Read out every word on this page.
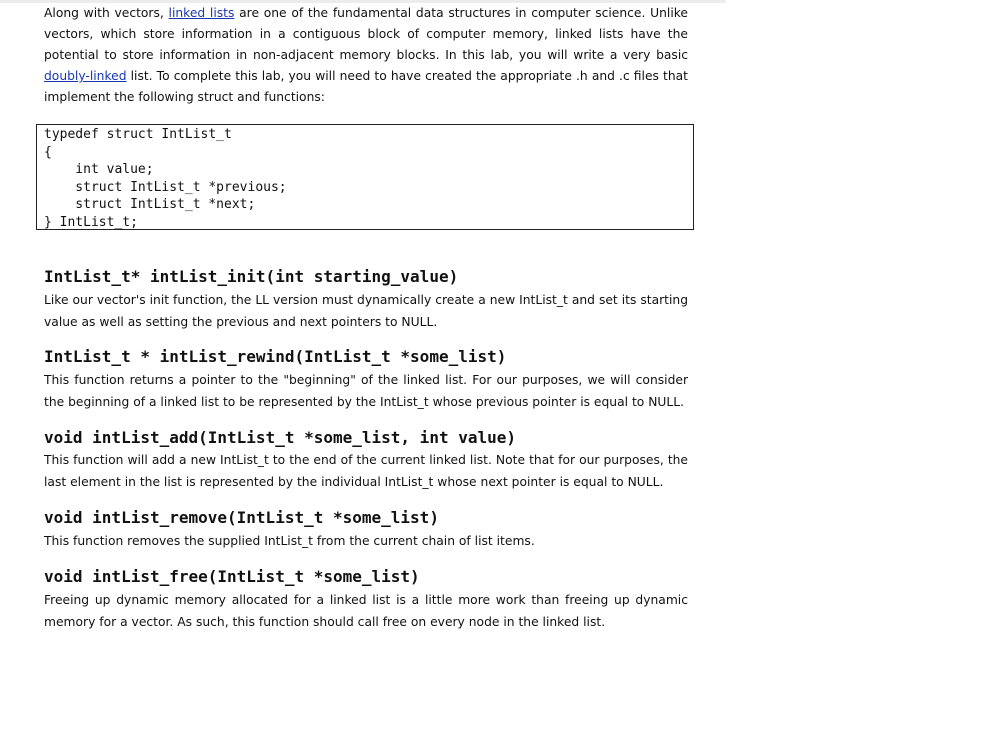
Along with vectors, linked lists are one of the fundamental data structures in computer science. Unlike vectors, which store information in a contiguous block of computer memory, linked lists have the potential to store information in non-adjacent memory blocks. In this lab, you will write a very basic doubly-linked list. To complete this lab, you will need to have created the appropriate .h and .c files that implement the following struct and functions:

typedef struct IntList_t
{
int value;
struct IntList_t *previous;
struct IntList_t *next;
} IntList_t;
IntList_t* intList_init(int starting_value)

Like our vector's init function, the LL version must dynamically create a new IntList_t and set its starting value as well as setting the previous and next pointers to NULL.

IntList_t * intList_rewind(IntList_t *some_list)

This function returns a pointer to the "beginning" of the linked list. For our purposes, we will consider the beginning of a linked list to be represented by the IntList_t whose previous pointer is equal to NULL.

void intList_add(IntList_t *some_list, int value)

This function will add a new IntList_t to the end of the current linked list. Note that for our purposes, the last element in the list is represented by the individual IntList_t whose next pointer is equal to NULL.

void intList_remove(IntList_t *some_list)

This function removes the supplied IntList_t from the current chain of list items.

void intList_free(IntList_t *some_list)

Freeing up dynamic memory allocated for a linked list is a little more work than freeing up dynamic memory for a vector. As such, this function should call free on every node in the linked list.
